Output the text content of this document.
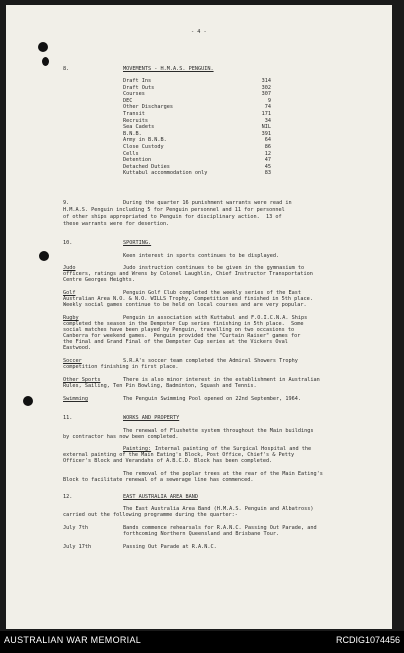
- 4 -
8.	MOVEMENTS - H.M.A.S. PENGUIN.
Draft Ins	314
Draft Outs	302
Courses	307
DEC	9
Other Discharges	74
Transit	171
Recruits	34
Sea Cadets	NIL
B.N.B.	391
Army in B.N.B.	64
Close Custody	86
Cells	12
Detention	47
Detached Duties	45
Kuttabul accommodation only	83
9.	During the quarter 16 punishment warrants were read in
H.M.A.S. Penguin including 5 for Penguin personnel and 11 for personnel
of other ships appropriated to Penguin for disciplinary action.  13 of
these warrants were for desertion.
10.	SPORTING.
Keen interest in sports continues to be displayed.
Judo	Judo instruction continues to be given in the gymnasium to
officers, ratings and Wrens by Colonel Laughlin, Chief Instructor Transportation
Centre Georges Heights.
Golf	Penguin Golf Club completed the weekly series of the East
Australian Area N.O. & N.O. WILLS Trophy, Competition and finished in 5th place.
Weekly social games continue to be held on local courses and are very popular.
Rugby	Penguin in association with Kuttabul and F.O.I.C.N.A. Ships
completed the season in the Dempster Cup series finishing in 5th place.  Some
social matches have been played by Penguin, travelling on two occasions to
Canberra for weekend games.  Penguin provided the "Curtain Raiser" games for
the Final and Grand Final of the Dempster Cup series at the Vickers Oval
Eastwood.
Soccer	S.R.A's soccer team completed the Admiral Showers Trophy
competition finishing in first place.
Other Sports	There is also minor interest in the establishment in Australian
Rules, Sailing, Ten Pin Bowling, Badminton, Squash and Tennis.
Swimming	The Penguin Swimming Pool opened on 22nd September, 1964.
11.	WORKS AND PROPERTY
The renewal of Flushette system throughout the Main buildings
by contractor has now been completed.
Painting: Internal painting of the Surgical Hospital and the
external painting of the Main Eating's Block, Post Office, Chief's & Petty
Officer's Block and Verandahs of A.B.C.D. Block has been completed.
The removal of the poplar trees at the rear of the Main Eating's
Block to facilitate renewal of a sewerage line has commenced.
12.	EAST AUSTRALIA AREA BAND
The East Australia Area Band (H.M.A.S. Penguin and Albatross)
carried out the following programme during the quarter:-
July 7th	Bands commence rehearsals for R.A.N.C. Passing Out Parade, and
forthcoming Northern Queensland and Brisbane Tour.
July 17th	Passing Out Parade at R.A.N.C.
AUSTRALIAN WAR MEMORIAL	RCDIG1074456
